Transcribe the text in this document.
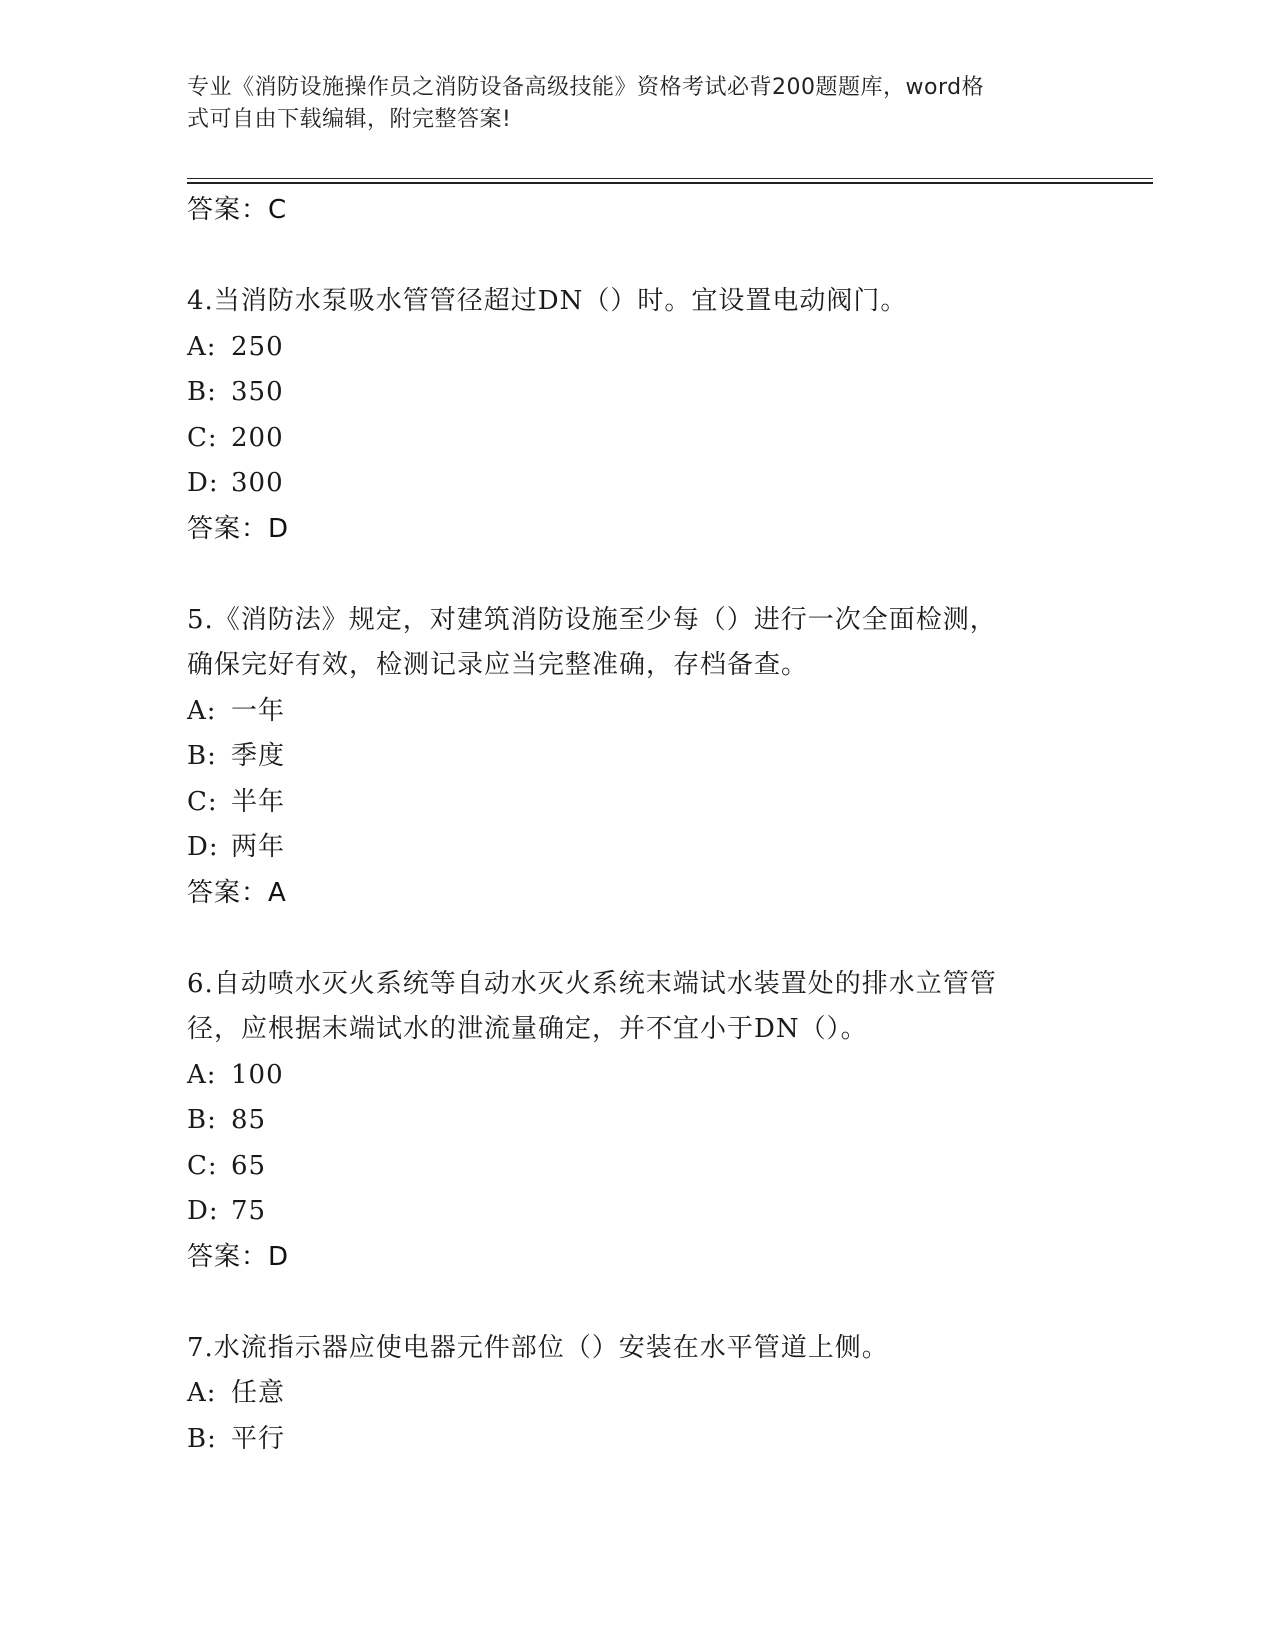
专业《消防设施操作员之消防设备高级技能》资格考试必背200题题库，word格
式可自由下载编辑，附完整答案!
答案：C
4.当消防水泵吸水管管径超过DN（）时。宜设置电动阀门。
A: 250
B: 350
C: 200
D: 300
答案：D
5.《消防法》规定，对建筑消防设施至少每（）进行一次全面检测，
确保完好有效，检测记录应当完整准确，存档备查。
A: 一年
B: 季度
C: 半年
D: 两年
答案：A
6.自动喷水灭火系统等自动水灭火系统末端试水装置处的排水立管管
径，应根据末端试水的泄流量确定，并不宜小于DN（）。
A: 100
B: 85
C: 65
D: 75
答案：D
7.水流指示器应使电器元件部位（）安装在水平管道上侧。
A: 任意
B: 平行
